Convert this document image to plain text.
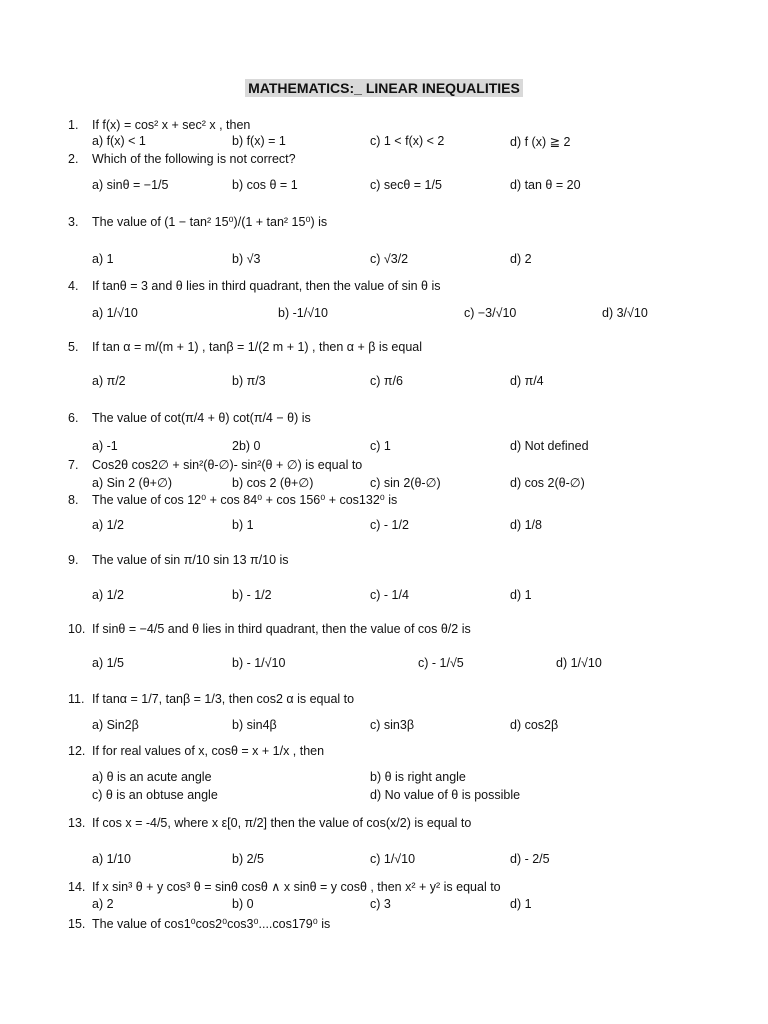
MATHEMATICS:_ LINEAR INEQUALITIES
1. If f(x) = cos² x + sec² x , then
a) f(x) < 1	b) f(x) = 1	c) 1 < f(x) < 2	d) f (x) ≧ 2
2. Which of the following is not correct?
a) sinθ = −1/5	b) cos θ = 1	c) secθ = 1/5	d) tan θ = 20
3. The value of (1 − tan² 15⁰)/(1 + tan² 15⁰) is
a) 1	b) √3	c) √3/2	d) 2
4. If tanθ = 3 and θ lies in third quadrant, then the value of sin θ is
a) 1/√10	b) -1/√10	c) −3/√10	d) 3/√10
5. If tan α = m/(m + 1) , tanβ = 1/(2 m + 1) , then α + β is equal
a) π/2	b) π/3	c) π/6	d) π/4
6. The value of cot(π/4 + θ) cot(π/4 − θ) is
a) -1	2b) 0	c) 1	d) Not defined
7. Cos2θ cos2∅ + sin²(θ-∅)- sin²(θ + ∅) is equal to
a) Sin 2 (θ+∅)	b) cos 2 (θ+∅)	c) sin 2(θ-∅)	d) cos 2(θ-∅)
8. The value of cos 12⁰ + cos 84⁰ + cos 156⁰ + cos132⁰ is
a) 1/2	b) 1	c) - 1/2	d) 1/8
9. The value of sin π/10 sin 13 π/10 is
a) 1/2	b) - 1/2	c) - 1/4	d) 1
10. If sinθ = −4/5 and θ lies in third quadrant, then the value of cos θ/2 is
a) 1/5	b) - 1/√10	c) - 1/√5	d) 1/√10
11. If tanα = 1/7, tanβ = 1/3, then cos2 α is equal to
a) Sin2β	b) sin4β	c) sin3β	d) cos2β
12. If for real values of x, cosθ = x + 1/x , then
a) θ is an acute angle	b) θ is right angle
c) θ is an obtuse angle	d) No value of θ is possible
13. If cos x = -4/5, where x ε[0, π/2] then the value of cos(x/2) is equal to
a) 1/10	b) 2/5	c) 1/√10	d) - 2/5
14. If x sin³ θ + y cos³ θ = sinθ cosθ ∧ x sinθ = y cosθ , then x² + y² is equal to
a) 2	b) 0	c) 3	d) 1
15. The value of cos1⁰cos2⁰cos3⁰....cos179⁰ is
